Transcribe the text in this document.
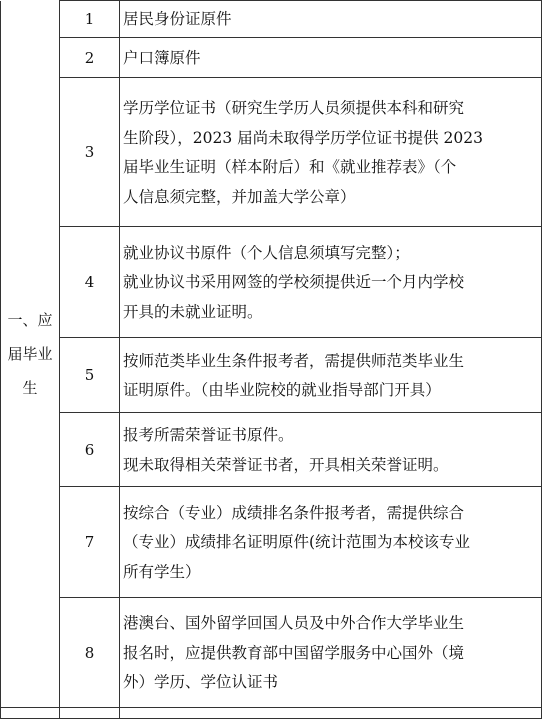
一、应届毕业生	1	居民身份证原件

	2	户口簿原件

	3	学历学位证书（研究生学历人员须提供本科和研究
生阶段），2023 届尚未取得学历学位证书提供 2023
届毕业生证明（样本附后）和《就业推荐表》（个
人信息须完整，并加盖大学公章）

	4	就业协议书原件（个人信息须填写完整）；
就业协议书采用网签的学校须提供近一个月内学校
开具的未就业证明。

	5	按师范类毕业生条件报考者，需提供师范类毕业生
证明原件。（由毕业院校的就业指导部门开具）

	6	报考所需荣誉证书原件。
现未取得相关荣誉证书者，开具相关荣誉证明。

	7	按综合（专业）成绩排名条件报考者，需提供综合
（专业）成绩排名证明原件(统计范围为本校该专业
所有学生）

	8	港澳台、国外留学回国人员及中外合作大学毕业生
报名时，应提供教育部中国留学服务中心国外（境
外）学历、学位认证书
